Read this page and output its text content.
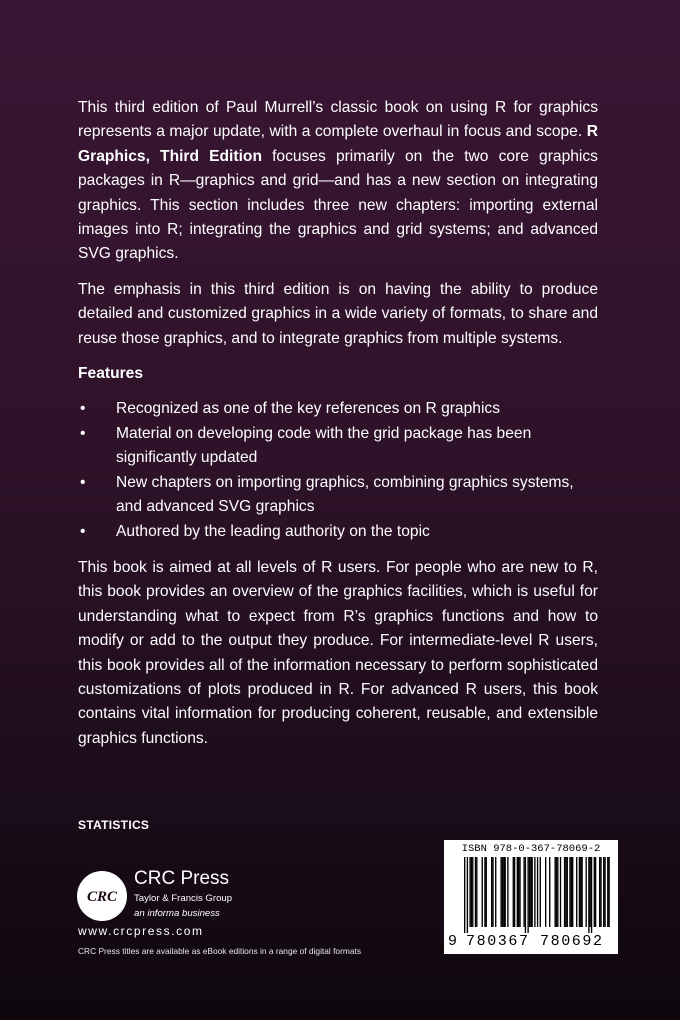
This third edition of Paul Murrell’s classic book on using R for graphics represents a major update, with a complete overhaul in focus and scope. R Graphics, Third Edition focuses primarily on the two core graphics packages in R—graphics and grid—and has a new section on integrating graphics. This section includes three new chapters: importing external images into R; integrating the graphics and grid systems; and advanced SVG graphics.

The emphasis in this third edition is on having the ability to produce detailed and customized graphics in a wide variety of formats, to share and reuse those graphics, and to integrate graphics from multiple systems.

Features

• Recognized as one of the key references on R graphics
• Material on developing code with the grid package has been significantly updated
• New chapters on importing graphics, combining graphics systems, and advanced SVG graphics
• Authored by the leading authority on the topic

This book is aimed at all levels of R users. For people who are new to R, this book provides an overview of the graphics facilities, which is useful for understanding what to expect from R’s graphics functions and how to modify or add to the output they produce. For intermediate-level R users, this book provides all of the information necessary to perform sophisticated customizations of plots produced in R. For advanced R users, this book contains vital information for producing coherent, reusable, and extensible graphics functions.

STATISTICS
CRC
CRC Press
Taylor & Francis Group
an informa business
www.crcpress.com
CRC Press titles are available as eBook editions in a range of digital formats
ISBN 978-0-367-78069-2
9 780367 780692
